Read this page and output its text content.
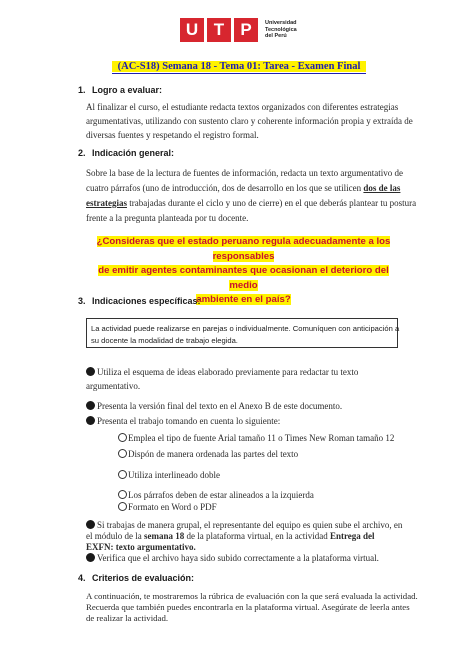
U T P	Universidad
Tecnológica
del Perú
(AC-S18) Semana 18 - Tema 01: Tarea - Examen Final
1. Logro a evaluar:
Al finalizar el curso, el estudiante redacta textos organizados con diferentes estrategias
argumentativas, utilizando con sustento claro y coherente información propia y extraída de
diversas fuentes y respetando el registro formal.
2. Indicación general:
Sobre la base de la lectura de fuentes de información, redacta un texto argumentativo de
cuatro párrafos (uno de introducción, dos de desarrollo en los que se utilicen dos de las
estrategias trabajadas durante el ciclo y uno de cierre) en el que deberás plantear tu postura
frente a la pregunta planteada por tu docente.
¿Consideras que el estado peruano regula adecuadamente a los responsables
de emitir agentes contaminantes que ocasionan el deterioro del medio
ambiente en el país?
3. Indicaciones específicas:
La actividad puede realizarse en parejas o individualmente. Comuníquen con anticipación a
su docente la modalidad de trabajo elegida.
Utiliza el esquema de ideas elaborado previamente para redactar tu texto
argumentativo.
Presenta la versión final del texto en el Anexo B de este documento.
Presenta el trabajo tomando en cuenta lo siguiente:
Emplea el tipo de fuente Arial tamaño 11 o Times New Roman tamaño 12
Dispón de manera ordenada las partes del texto
Utiliza interlineado doble
Los párrafos deben de estar alineados a la izquierda
Formato en Word o PDF
Si trabajas de manera grupal, el representante del equipo es quien sube el archivo, en
el módulo de la semana 18 de la plataforma virtual, en la actividad Entrega del
EXFN: texto argumentativo.
Verifica que el archivo haya sido subido correctamente a la plataforma virtual.
4. Criterios de evaluación:
A continuación, te mostraremos la rúbrica de evaluación con la que será evaluada la actividad.
Recuerda que también puedes encontrarla en la plataforma virtual. Asegúrate de leerla antes
de realizar la actividad.
